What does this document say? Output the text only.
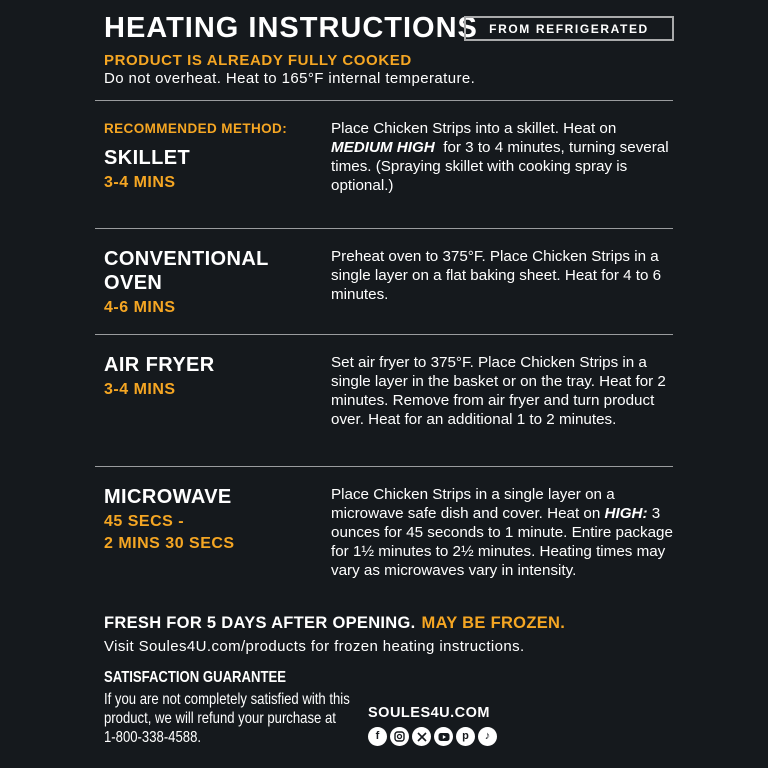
HEATING INSTRUCTIONS FROM REFRIGERATED
PRODUCT IS ALREADY FULLY COOKED
Do not overheat. Heat to 165°F internal temperature.
RECOMMENDED METHOD:
SKILLET
3-4 MINS
Place Chicken Strips into a skillet. Heat on MEDIUM HIGH  for 3 to 4 minutes, turning several times. (Spraying skillet with cooking spray is optional.)
CONVENTIONAL OVEN
4-6 MINS
Preheat oven to 375°F. Place Chicken Strips in a single layer on a flat baking sheet. Heat for 4 to 6 minutes.
AIR FRYER
3-4 MINS
Set air fryer to 375°F. Place Chicken Strips in a single layer in the basket or on the tray. Heat for 2 minutes. Remove from air fryer and turn product over. Heat for an additional 1 to 2 minutes.
MICROWAVE
45 SECS -
2 MINS 30 SECS
Place Chicken Strips in a single layer on a microwave safe dish and cover. Heat on HIGH: 3 ounces for 45 seconds to 1 minute. Entire package for 1½ minutes to 2½ minutes. Heating times may vary as microwaves vary in intensity.
FRESH FOR 5 DAYS AFTER OPENING. MAY BE FROZEN.
Visit Soules4U.com/products for frozen heating instructions.
SATISFACTION GUARANTEE
If you are not completely satisfied with this product, we will refund your purchase at 1-800-338-4588.
SOULES4U.COM
f	p	♪
